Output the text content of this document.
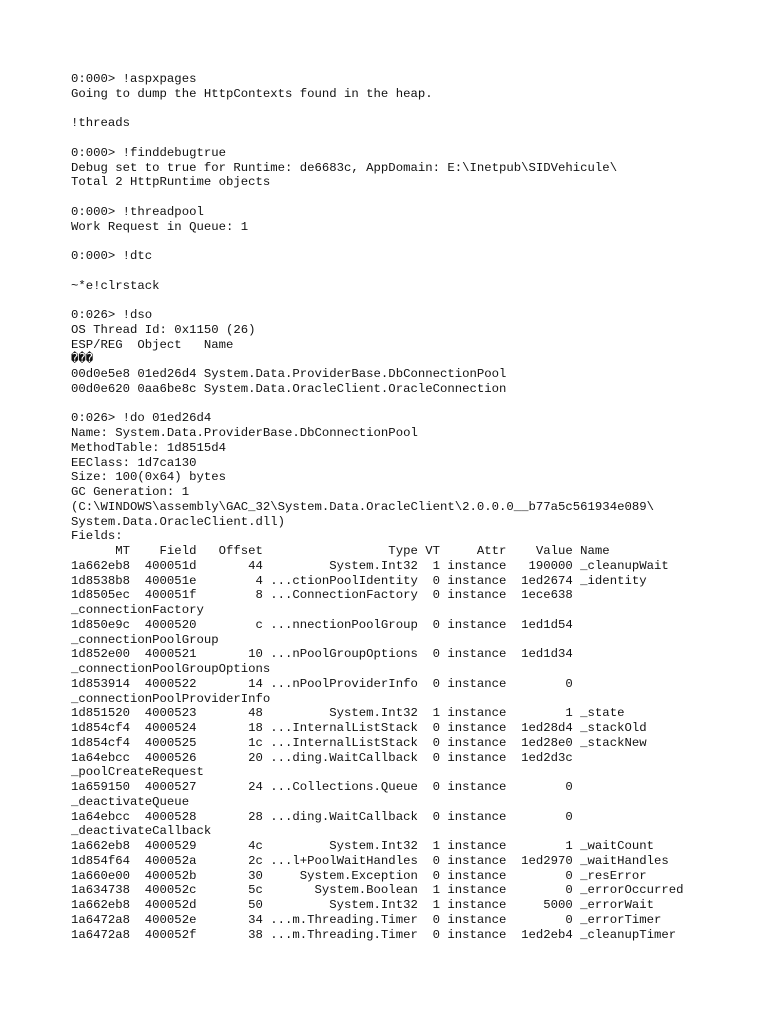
0:000> !aspxpages
Going to dump the HttpContexts found in the heap.
!threads
0:000> !finddebugtrue
Debug set to true for Runtime: de6683c, AppDomain: E:\Inetpub\SIDVehicule\
Total 2 HttpRuntime objects
0:000> !threadpool
Work Request in Queue: 1
0:000> !dtc
~*e!clrstack
0:026> !dso
OS Thread Id: 0x1150 (26)
ESP/REG  Object   Name
���
00d0e5e8 01ed26d4 System.Data.ProviderBase.DbConnectionPool
00d0e620 0aa6be8c System.Data.OracleClient.OracleConnection
0:026> !do 01ed26d4
Name: System.Data.ProviderBase.DbConnectionPool
MethodTable: 1d8515d4
EEClass: 1d7ca130
Size: 100(0x64) bytes
GC Generation: 1
(C:\WINDOWS\assembly\GAC_32\System.Data.OracleClient\2.0.0.0__b77a5c561934e089\
System.Data.OracleClient.dll)
Fields:
MT    Field   Offset                 Type VT     Attr    Value Name
1a662eb8  400051d       44         System.Int32  1 instance   190000 _cleanupWait
1d8538b8  400051e        4 ...ctionPoolIdentity  0 instance  1ed2674 _identity
1d8505ec  400051f        8 ...ConnectionFactory  0 instance  1ece638
_connectionFactory
1d850e9c  4000520        c ...nnectionPoolGroup  0 instance  1ed1d54
_connectionPoolGroup
1d852e00  4000521       10 ...nPoolGroupOptions  0 instance  1ed1d34
_connectionPoolGroupOptions
1d853914  4000522       14 ...nPoolProviderInfo  0 instance        0
_connectionPoolProviderInfo
1d851520  4000523       48         System.Int32  1 instance        1 _state
1d854cf4  4000524       18 ...InternalListStack  0 instance  1ed28d4 _stackOld
1d854cf4  4000525       1c ...InternalListStack  0 instance  1ed28e0 _stackNew
1a64ebcc  4000526       20 ...ding.WaitCallback  0 instance  1ed2d3c
_poolCreateRequest
1a659150  4000527       24 ...Collections.Queue  0 instance        0
_deactivateQueue
1a64ebcc  4000528       28 ...ding.WaitCallback  0 instance        0
_deactivateCallback
1a662eb8  4000529       4c         System.Int32  1 instance        1 _waitCount
1d854f64  400052a       2c ...l+PoolWaitHandles  0 instance  1ed2970 _waitHandles
1a660e00  400052b       30     System.Exception  0 instance        0 _resError
1a634738  400052c       5c       System.Boolean  1 instance        0 _errorOccurred
1a662eb8  400052d       50         System.Int32  1 instance     5000 _errorWait
1a6472a8  400052e       34 ...m.Threading.Timer  0 instance        0 _errorTimer
1a6472a8  400052f       38 ...m.Threading.Timer  0 instance  1ed2eb4 _cleanupTimer
